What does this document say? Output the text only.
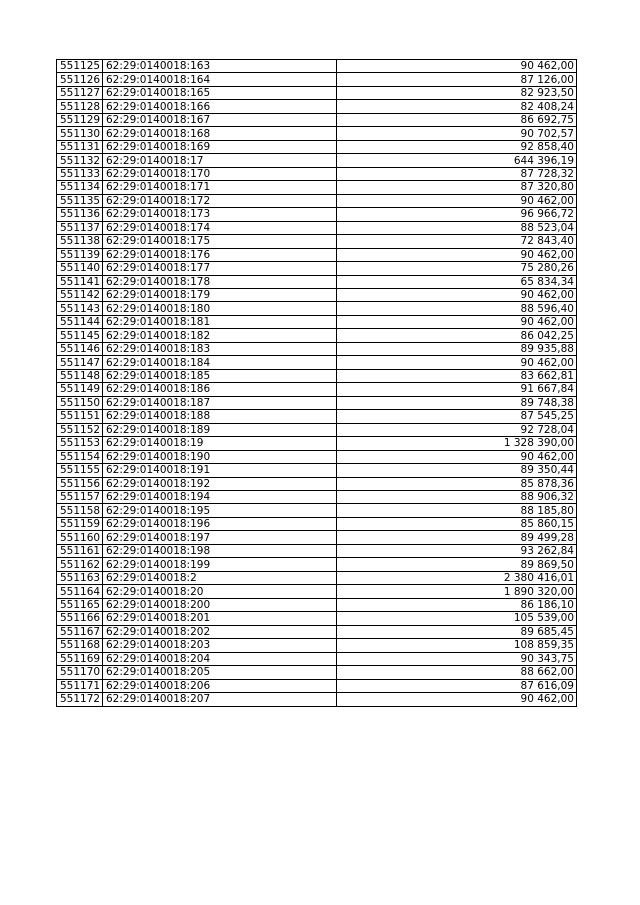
551125	62:29:0140018:163	90 462,00
551126	62:29:0140018:164	87 126,00
551127	62:29:0140018:165	82 923,50
551128	62:29:0140018:166	82 408,24
551129	62:29:0140018:167	86 692,75
551130	62:29:0140018:168	90 702,57
551131	62:29:0140018:169	92 858,40
551132	62:29:0140018:17	644 396,19
551133	62:29:0140018:170	87 728,32
551134	62:29:0140018:171	87 320,80
551135	62:29:0140018:172	90 462,00
551136	62:29:0140018:173	96 966,72
551137	62:29:0140018:174	88 523,04
551138	62:29:0140018:175	72 843,40
551139	62:29:0140018:176	90 462,00
551140	62:29:0140018:177	75 280,26
551141	62:29:0140018:178	65 834,34
551142	62:29:0140018:179	90 462,00
551143	62:29:0140018:180	88 596,40
551144	62:29:0140018:181	90 462,00
551145	62:29:0140018:182	86 042,25
551146	62:29:0140018:183	89 935,88
551147	62:29:0140018:184	90 462,00
551148	62:29:0140018:185	83 662,81
551149	62:29:0140018:186	91 667,84
551150	62:29:0140018:187	89 748,38
551151	62:29:0140018:188	87 545,25
551152	62:29:0140018:189	92 728,04
551153	62:29:0140018:19	1 328 390,00
551154	62:29:0140018:190	90 462,00
551155	62:29:0140018:191	89 350,44
551156	62:29:0140018:192	85 878,36
551157	62:29:0140018:194	88 906,32
551158	62:29:0140018:195	88 185,80
551159	62:29:0140018:196	85 860,15
551160	62:29:0140018:197	89 499,28
551161	62:29:0140018:198	93 262,84
551162	62:29:0140018:199	89 869,50
551163	62:29:0140018:2	2 380 416,01
551164	62:29:0140018:20	1 890 320,00
551165	62:29:0140018:200	86 186,10
551166	62:29:0140018:201	105 539,00
551167	62:29:0140018:202	89 685,45
551168	62:29:0140018:203	108 859,35
551169	62:29:0140018:204	90 343,75
551170	62:29:0140018:205	88 662,00
551171	62:29:0140018:206	87 616,09
551172	62:29:0140018:207	90 462,00
